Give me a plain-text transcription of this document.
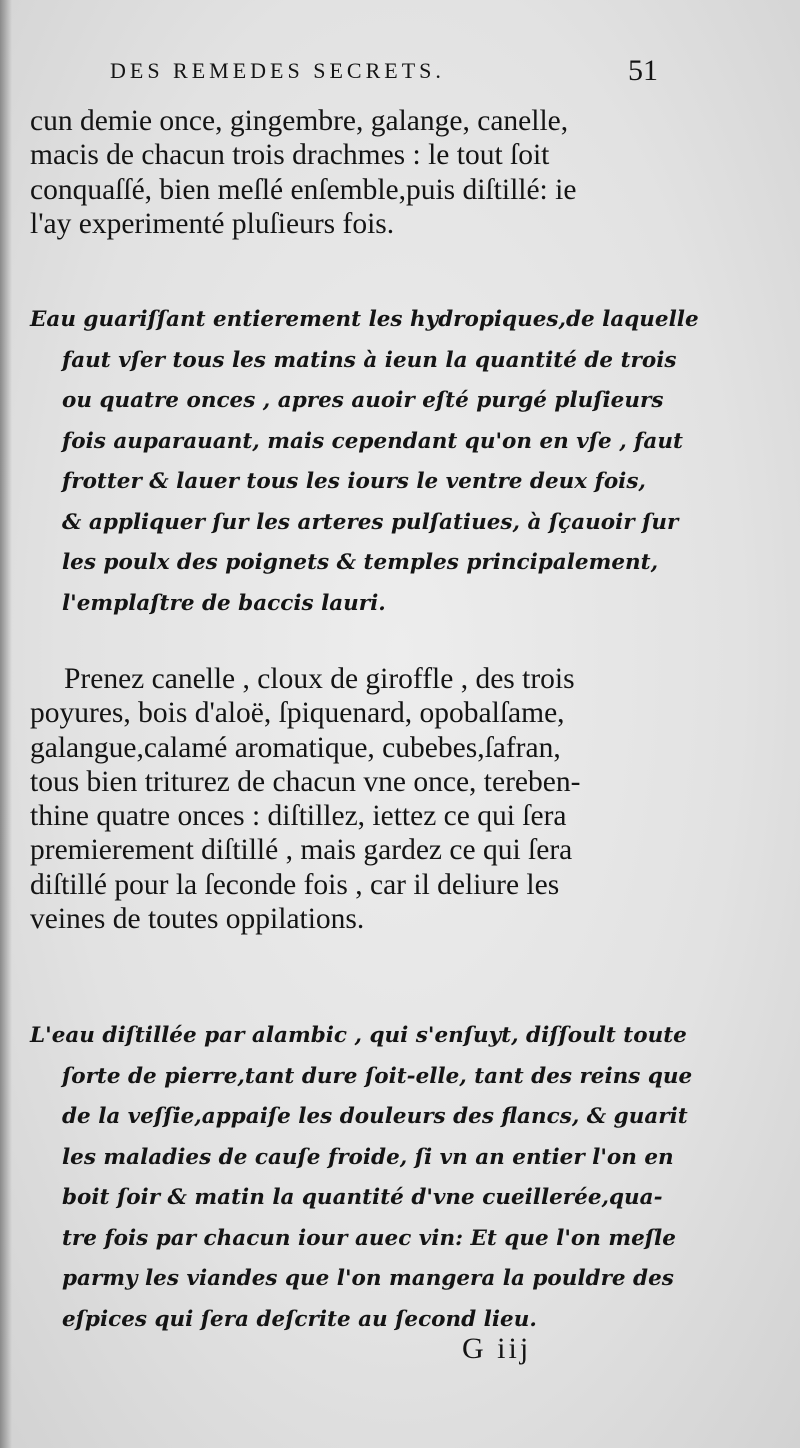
DES REMEDES SECRETS.	51
cun demie once, gingembre, galange, canelle,
macis de chacun trois drachmes : le tout ſoit
conquaſſé, bien meſlé enſemble,puis diſtillé: ie
l'ay experimenté pluſieurs fois.
Eau guariſſant entierement les hydropiques,de laquelle
faut vſer tous les matins à ieun la quantité de trois
ou quatre onces , apres auoir eſté purgé pluſieurs
fois auparauant, mais cependant qu'on en vſe , faut
frotter & lauer tous les iours le ventre deux fois,
& appliquer ſur les arteres pulſatiues, à ſçauoir ſur
les poulx des poignets & temples principalement,
l'emplaſtre de baccis lauri.
Prenez canelle , cloux de giroffle , des trois
poyures, bois d'aloë, ſpiquenard, opobalſame,
galangue,calamé aromatique, cubebes,ſafran,
tous bien triturez de chacun vne once, tereben-
thine quatre onces : diſtillez, iettez ce qui ſera
premierement diſtillé , mais gardez ce qui ſera
diſtillé pour la ſeconde fois , car il deliure les
veines de toutes oppilations.
L'eau diſtillée par alambic , qui s'enſuyt, diſſoult toute
ſorte de pierre,tant dure ſoit-elle, tant des reins que
de la veſſie,appaiſe les douleurs des flancs, & guarit
les maladies de cauſe froide, ſi vn an entier l'on en
boit ſoir & matin la quantité d'vne cueillerée,qua-
tre fois par chacun iour auec vin: Et que l'on meſle
parmy les viandes que l'on mangera la pouldre des
eſpices qui ſera deſcrite au ſecond lieu.
G iij
